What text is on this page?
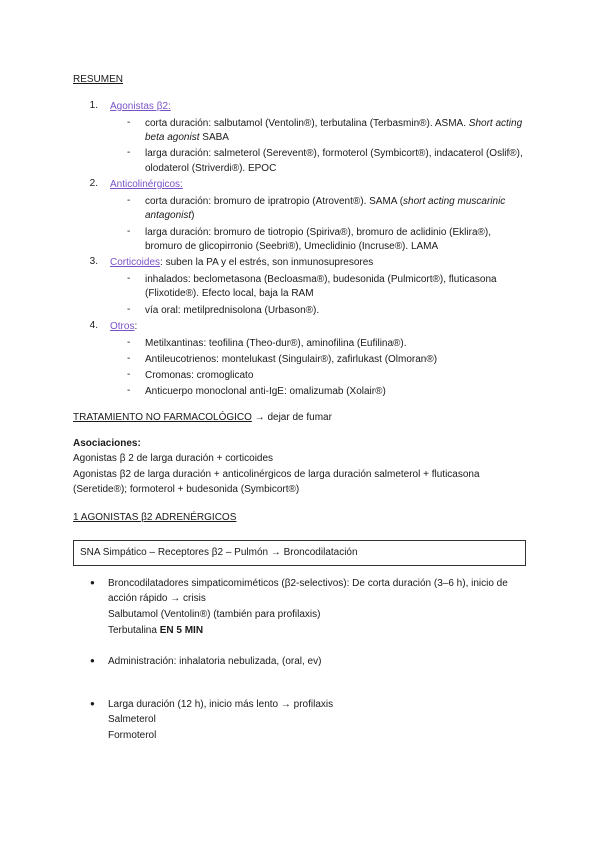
RESUMEN
1. Agonistas β2:
- corta duración: salbutamol (Ventolin®), terbutalina (Terbasmin®). ASMA. Short acting
beta agonist SABA
- larga duración: salmeterol (Serevent®), formoterol (Symbicort®), indacaterol (Oslif®),
olodaterol (Striverdi®). EPOC
2. Anticolinérgicos:
- corta duración: bromuro de ipratropio (Atrovent®). SAMA (short acting muscarinic
antagonist)
- larga duración: bromuro de tiotropio (Spiriva®), bromuro de aclidinio (Eklira®),
bromuro de glicopirronio (Seebri®), Umeclidinio (Incruse®). LAMA
3. Corticoides: suben la PA y el estrés, son inmunosupresores
- inhalados: beclometasona (Becloasma®), budesonida (Pulmicort®), fluticasona
(Flixotide®). Efecto local, baja la RAM
- vía oral: metilprednisolona (Urbason®).
4. Otros:
- Metilxantinas: teofilina (Theo-dur®), aminofilina (Eufilina®).
- Antileucotrienos: montelukast (Singulair®), zafirlukast (Olmoran®)
- Cromonas: cromoglicato
- Anticuerpo monoclonal anti-IgE: omalizumab (Xolair®)
TRATAMIENTO NO FARMACOLÓGICO → dejar de fumar
Asociaciones:
Agonistas β 2 de larga duración + corticoides
Agonistas β2 de larga duración + anticolinérgicos de larga duración salmeterol + fluticasona
(Seretide®); formoterol + budesonida (Symbicort®)
1 AGONISTAS β2 ADRENÉRGICOS
SNA Simpático – Receptores β2 – Pulmón → Broncodilatación
● Broncodilatadores simpaticomiméticos (β2-selectivos): De corta duración (3–6 h), inicio de
acción rápido → crisis
Salbutamol (Ventolin®) (también para profilaxis)
Terbutalina EN 5 MIN
● Administración: inhalatoria nebulizada, (oral, ev)
● Larga duración (12 h), inicio más lento → profilaxis
Salmeterol
Formoterol
